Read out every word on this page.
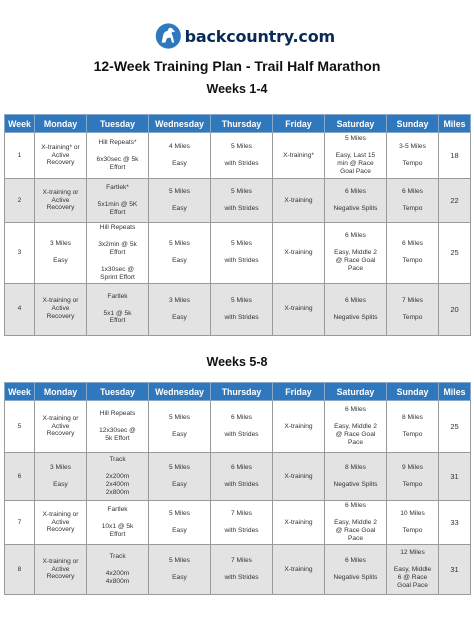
backcountry.com
12-Week Training Plan - Trail Half Marathon
Weeks 1-4
Week	Monday	Tuesday	Wednesday	Thursday	Friday	Saturday	Sunday	Miles
1	X-training* or
Active
Recovery	Hill Repeats*
6x30sec @ 5k
Effort	4 Miles
Easy	5 Miles
with Strides	X-training*	5 Miles
Easy, Last 15
min @ Race
Goal Pace	3-5 Miles
Tempo	18
2	X-training or
Active
Recovery	Fartlek*
5x1min @ 5K
Effort	5 Miles
Easy	5 Miles
with Strides	X-training	6 Miles
Negative Splits	6 Miles
Tempo	22
3	3 Miles
Easy	Hill Repeats
3x2min @ 5k
Effort
1x30sec @
Sprint Effort	5 Miles
Easy	5 Miles
with Strides	X-training	6 Miles
Easy, Middle 2
@ Race Goal
Pace	6 Miles
Tempo	25
4	X-training or
Active
Recovery	Fartlek
5x1 @ 5k
Effort	3 Miles
Easy	5 Miles
with Strides	X-training	6 Miles
Negative Splits	7 Miles
Tempo	20
Weeks 5-8
Week	Monday	Tuesday	Wednesday	Thursday	Friday	Saturday	Sunday	Miles
5	X-training or
Active
Recovery	Hill Repeats
12x30sec @
5k Effort	5 Miles
Easy	6 Miles
with Strides	X-training	6 Miles
Easy, Middle 2
@ Race Goal
Pace	8 Miles
Tempo	25
6	3 Miles
Easy	Track
2x200m
2x400m
2x800m	5 Miles
Easy	6 Miles
with Strides	X-training	8 Miles
Negative Splits	9 Miles
Tempo	31
7	X-training or
Active
Recovery	Fartlek
10x1 @ 5k
Effort	5 Miles
Easy	7 Miles
with Strides	X-training	6 Miles
Easy, Middle 2
@ Race Goal
Pace	10 Miles
Tempo	33
8	X-training or
Active
Recovery	Track
4x200m
4x800m	5 Miles
Easy	7 Miles
with Strides	X-training	6 Miles
Negative Splits	12 Miles
Easy, Middle
6 @ Race
Goal Pace	31
